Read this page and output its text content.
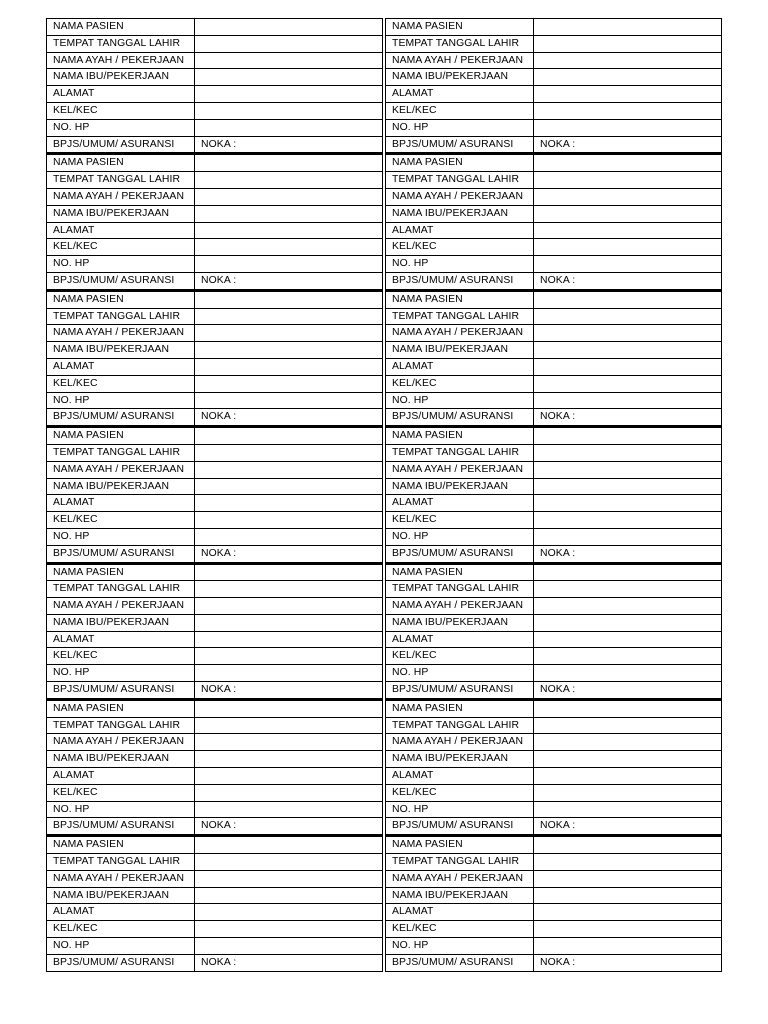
NAMA PASIEN	
TEMPAT TANGGAL LAHIR	
NAMA AYAH / PEKERJAAN	
NAMA IBU/PEKERJAAN	
ALAMAT	
KEL/KEC	
NO. HP	
BPJS/UMUM/ ASURANSI	NOKA :
NAMA PASIEN	
TEMPAT TANGGAL LAHIR	
NAMA AYAH / PEKERJAAN	
NAMA IBU/PEKERJAAN	
ALAMAT	
KEL/KEC	
NO. HP	
BPJS/UMUM/ ASURANSI	NOKA :
NAMA PASIEN	
TEMPAT TANGGAL LAHIR	
NAMA AYAH / PEKERJAAN	
NAMA IBU/PEKERJAAN	
ALAMAT	
KEL/KEC	
NO. HP	
BPJS/UMUM/ ASURANSI	NOKA :
NAMA PASIEN	
TEMPAT TANGGAL LAHIR	
NAMA AYAH / PEKERJAAN	
NAMA IBU/PEKERJAAN	
ALAMAT	
KEL/KEC	
NO. HP	
BPJS/UMUM/ ASURANSI	NOKA :
NAMA PASIEN	
TEMPAT TANGGAL LAHIR	
NAMA AYAH / PEKERJAAN	
NAMA IBU/PEKERJAAN	
ALAMAT	
KEL/KEC	
NO. HP	
BPJS/UMUM/ ASURANSI	NOKA :
NAMA PASIEN	
TEMPAT TANGGAL LAHIR	
NAMA AYAH / PEKERJAAN	
NAMA IBU/PEKERJAAN	
ALAMAT	
KEL/KEC	
NO. HP	
BPJS/UMUM/ ASURANSI	NOKA :
NAMA PASIEN	
TEMPAT TANGGAL LAHIR	
NAMA AYAH / PEKERJAAN	
NAMA IBU/PEKERJAAN	
ALAMAT	
KEL/KEC	
NO. HP	
BPJS/UMUM/ ASURANSI	NOKA :
NAMA PASIEN	
TEMPAT TANGGAL LAHIR	
NAMA AYAH / PEKERJAAN	
NAMA IBU/PEKERJAAN	
ALAMAT	
KEL/KEC	
NO. HP	
BPJS/UMUM/ ASURANSI	NOKA :
NAMA PASIEN	
TEMPAT TANGGAL LAHIR	
NAMA AYAH / PEKERJAAN	
NAMA IBU/PEKERJAAN	
ALAMAT	
KEL/KEC	
NO. HP	
BPJS/UMUM/ ASURANSI	NOKA :
NAMA PASIEN	
TEMPAT TANGGAL LAHIR	
NAMA AYAH / PEKERJAAN	
NAMA IBU/PEKERJAAN	
ALAMAT	
KEL/KEC	
NO. HP	
BPJS/UMUM/ ASURANSI	NOKA :
NAMA PASIEN	
TEMPAT TANGGAL LAHIR	
NAMA AYAH / PEKERJAAN	
NAMA IBU/PEKERJAAN	
ALAMAT	
KEL/KEC	
NO. HP	
BPJS/UMUM/ ASURANSI	NOKA :
NAMA PASIEN	
TEMPAT TANGGAL LAHIR	
NAMA AYAH / PEKERJAAN	
NAMA IBU/PEKERJAAN	
ALAMAT	
KEL/KEC	
NO. HP	
BPJS/UMUM/ ASURANSI	NOKA :
NAMA PASIEN	
TEMPAT TANGGAL LAHIR	
NAMA AYAH / PEKERJAAN	
NAMA IBU/PEKERJAAN	
ALAMAT	
KEL/KEC	
NO. HP	
BPJS/UMUM/ ASURANSI	NOKA :
NAMA PASIEN	
TEMPAT TANGGAL LAHIR	
NAMA AYAH / PEKERJAAN	
NAMA IBU/PEKERJAAN	
ALAMAT	
KEL/KEC	
NO. HP	
BPJS/UMUM/ ASURANSI	NOKA :
